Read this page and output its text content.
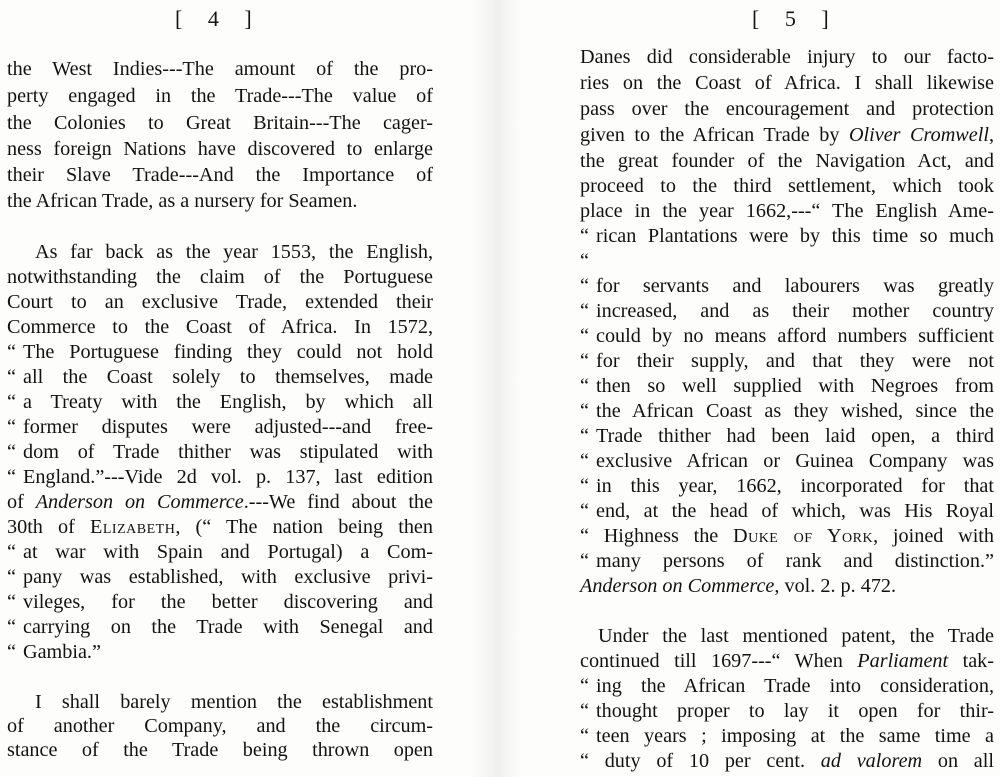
[ 4 ]
the West Indies---The amount of the pro-
perty engaged in the Trade---The value of
the Colonies to Great Britain---The cager-
ness foreign Nations have discovered to enlarge
their Slave Trade---And the Importance of
the African Trade, as a nursery for Seamen.
As far back as the year 1553, the English,
notwithstanding the claim of the Portuguese
Court to an exclusive Trade, extended their
Commerce to the Coast of Africa. In 1572,
“ The Portuguese finding they could not hold
“ all the Coast solely to themselves, made
“ a Treaty with the English, by which all
“ former disputes were adjusted---and free-
“ dom of Trade thither was stipulated with
“ England.”---Vide 2d vol. p. 137, last edition
of Anderson on Commerce.---We find about the
30th of Elizabeth, (“ The nation being then
“ at war with Spain and Portugal) a Com-
“ pany was established, with exclusive privi-
“ vileges, for the better discovering and
“ carrying on the Trade with Senegal and
“ Gambia.”
I shall barely mention the establishment
of another Company, and the circum-
stance of the Trade being thrown open
[ 5 ]
Danes did considerable injury to our facto-
ries on the Coast of Africa. I shall likewise
pass over the encouragement and protection
given to the African Trade by Oliver Cromwell,
the great founder of the Navigation Act, and
proceed to the third settlement, which took
place in the year 1662,---“ The English Ame-
“ rican Plantations were by this time so much
“
“ for servants and labourers was greatly
“ increased, and as their mother country
“ could by no means afford numbers sufficient
“ for their supply, and that they were not
“ then so well supplied with Negroes from
“ the African Coast as they wished, since the
“ Trade thither had been laid open, a third
“ exclusive African or Guinea Company was
“ in this year, 1662, incorporated for that
“ end, at the head of which, was His Royal
“ Highness the Duke of York, joined with
“ many persons of rank and distinction.”
Anderson on Commerce, vol. 2. p. 472.
Under the last mentioned patent, the Trade
continued till 1697---“ When Parliament tak-
“ ing the African Trade into consideration,
“ thought proper to lay it open for thir-
“ teen years ; imposing at the same time a
“ duty of 10 per cent. ad valorem on all
